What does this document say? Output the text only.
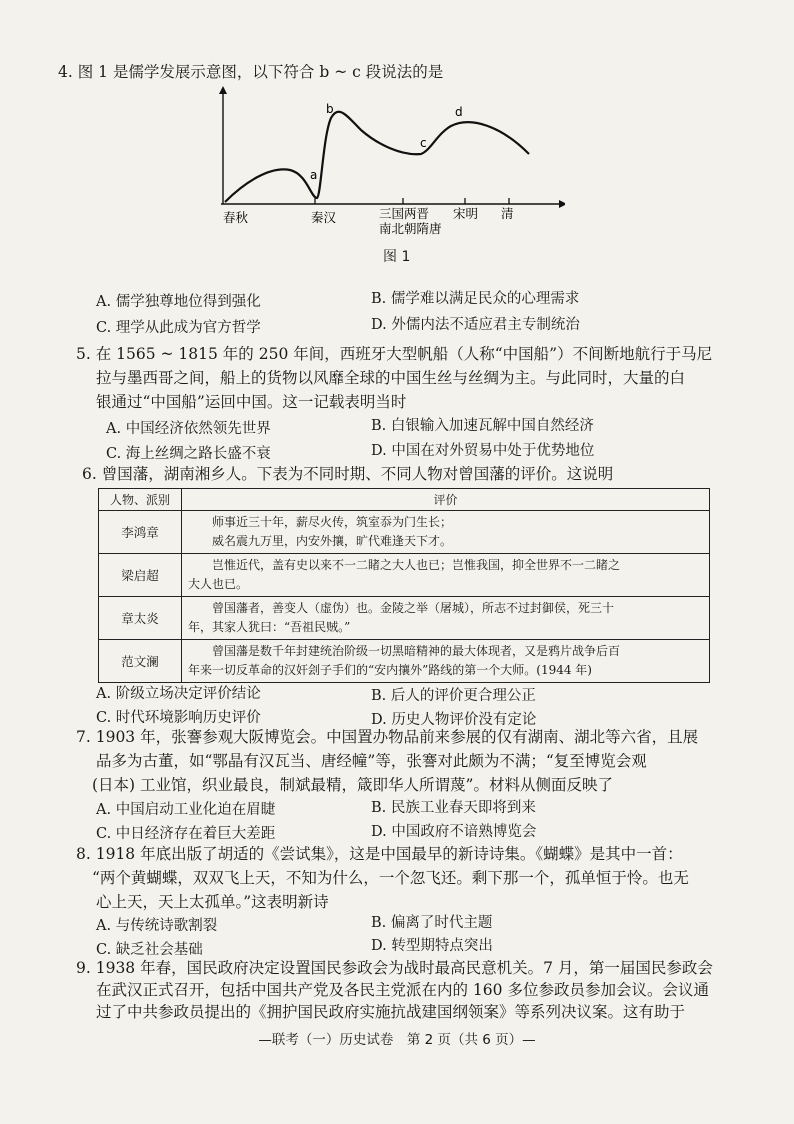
4. 图 1 是儒学发展示意图，以下符合 b ~ c 段说法的是
a
b
c
d
春秋	秦汉	三国两晋
南北朝隋唐
宋明 清
图 1
A. 儒学独尊地位得到强化	B. 儒学难以满足民众的心理需求
C. 理学从此成为官方哲学	D. 外儒内法不适应君主专制统治
5. 在 1565 ~ 1815 年的 250 年间，西班牙大型帆船（人称“中国船”）不间断地航行于马尼
拉与墨西哥之间，船上的货物以风靡全球的中国生丝与丝绸为主。与此同时，大量的白
银通过“中国船”运回中国。这一记载表明当时
A. 中国经济依然领先世界	B. 白银输入加速瓦解中国自然经济
C. 海上丝绸之路长盛不衰	D. 中国在对外贸易中处于优势地位
6. 曾国藩，湖南湘乡人。下表为不同时期、不同人物对曾国藩的评价。这说明
人物、派别	评价
李鸿章	师事近三十年，薪尽火传，筑室忝为门生长；
威名震九万里，内安外攘，旷代难逢天下才。

梁启超	岂惟近代，盖有史以来不一二睹之大人也已；岂惟我国，抑全世界不一二睹之
大人也已。

章太炎	曾国藩者，善变人（虚伪）也。金陵之举（屠城），所志不过封御侯，死三十
年，其家人犹曰：“吾祖民贼。”

范文澜	曾国藩是数千年封建统治阶级一切黑暗精神的最大体现者，又是鸦片战争后百
年来一切反革命的汉奸刽子手们的“安内攘外”路线的第一个大师。(1944 年)
A. 阶级立场决定评价结论	B. 后人的评价更合理公正
C. 时代环境影响历史评价	D. 历史人物评价没有定论
7. 1903 年，张謇参观大阪博览会。中国置办物品前来参展的仅有湖南、湖北等六省，且展
品多为古董，如“鄂晶有汉瓦当、唐经幢”等，张謇对此颇为不满；“复至博览会观
(日本) 工业馆，织业最良，制斌最精，箴即华人所谓蔑”。材料从侧面反映了
A. 中国启动工业化迫在眉睫	B. 民族工业春天即将到来
C. 中日经济存在着巨大差距	D. 中国政府不谙熟博览会
8. 1918 年底出版了胡适的《尝试集》，这是中国最早的新诗诗集。《蝴蝶》是其中一首：
“两个黄蝴蝶，双双飞上天，不知为什么，一个忽飞还。剩下那一个，孤单恒于怜。也无
心上天，天上太孤单。”这表明新诗
A. 与传统诗歌割裂	B. 偏离了时代主题
C. 缺乏社会基础	D. 转型期特点突出
9. 1938 年春，国民政府决定设置国民参政会为战时最高民意机关。7 月，第一届国民参政会
在武汉正式召开，包括中国共产党及各民主党派在内的 160 多位参政员参加会议。会议通
过了中共参政员提出的《拥护国民政府实施抗战建国纲领案》等系列决议案。这有助于
—联考（一）历史试卷　第 2 页（共 6 页）—
